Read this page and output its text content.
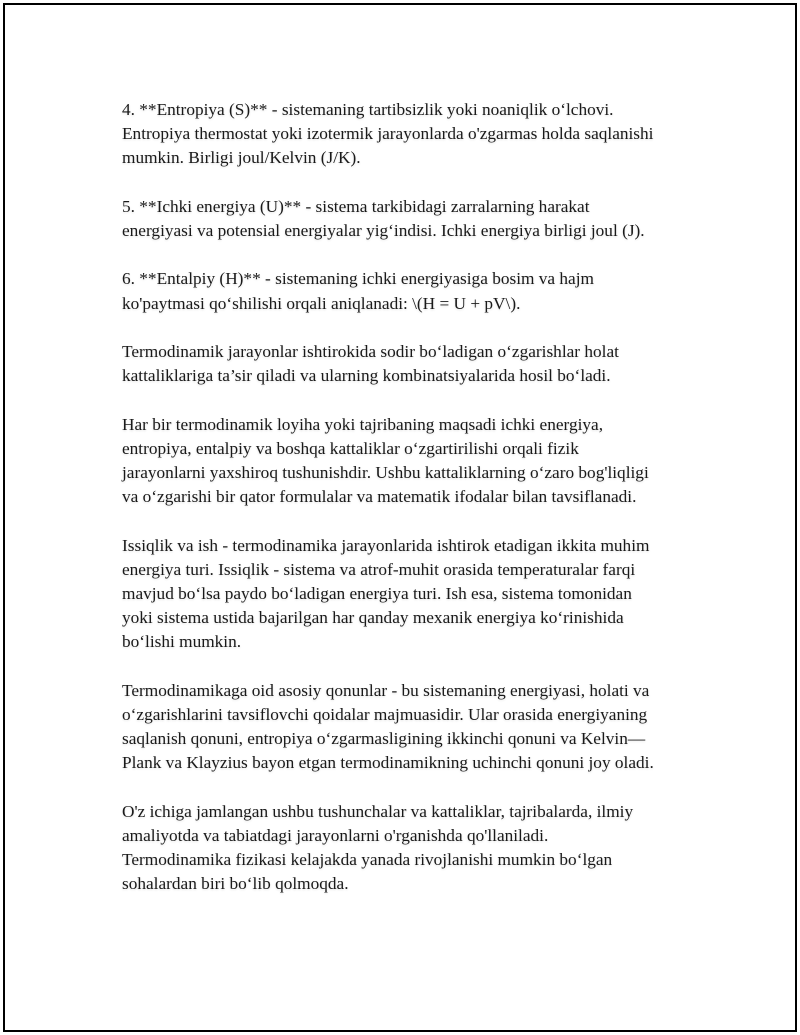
4. **Entropiya (S)** - sistemaning tartibsizlik yoki noaniqlik o‘lchovi.
Entropiya thermostat yoki izotermik jarayonlarda o'zgarmas holda saqlanishi
mumkin. Birligi joul/Kelvin (J/K).

5. **Ichki energiya (U)** - sistema tarkibidagi zarralarning harakat
energiyasi va potensial energiyalar yig‘indisi. Ichki energiya birligi joul (J).

6. **Entalpiy (H)** - sistemaning ichki energiyasiga bosim va hajm
ko'paytmasi qo‘shilishi orqali aniqlanadi: \(H = U + pV\).

Termodinamik jarayonlar ishtirokida sodir bo‘ladigan o‘zgarishlar holat
kattaliklariga ta’sir qiladi va ularning kombinatsiyalarida hosil bo‘ladi.

Har bir termodinamik loyiha yoki tajribaning maqsadi ichki energiya,
entropiya, entalpiy va boshqa kattaliklar o‘zgartirilishi orqali fizik
jarayonlarni yaxshiroq tushunishdir. Ushbu kattaliklarning o‘zaro bog'liqligi
va o‘zgarishi bir qator formulalar va matematik ifodalar bilan tavsiflanadi.

Issiqlik va ish - termodinamika jarayonlarida ishtirok etadigan ikkita muhim
energiya turi. Issiqlik - sistema va atrof-muhit orasida temperaturalar farqi
mavjud bo‘lsa paydo bo‘ladigan energiya turi. Ish esa, sistema tomonidan
yoki sistema ustida bajarilgan har qanday mexanik energiya ko‘rinishida
bo‘lishi mumkin.

Termodinamikaga oid asosiy qonunlar - bu sistemaning energiyasi, holati va
o‘zgarishlarini tavsiflovchi qoidalar majmuasidir. Ular orasida energiyaning
saqlanish qonuni, entropiya o‘zgarmasligining ikkinchi qonuni va Kelvin—
Plank va Klayzius bayon etgan termodinamikning uchinchi qonuni joy oladi.

O'z ichiga jamlangan ushbu tushunchalar va kattaliklar, tajribalarda, ilmiy
amaliyotda va tabiatdagi jarayonlarni o'rganishda qo'llaniladi.
Termodinamika fizikasi kelajakda yanada rivojlanishi mumkin bo‘lgan
sohalardan biri bo‘lib qolmoqda.
